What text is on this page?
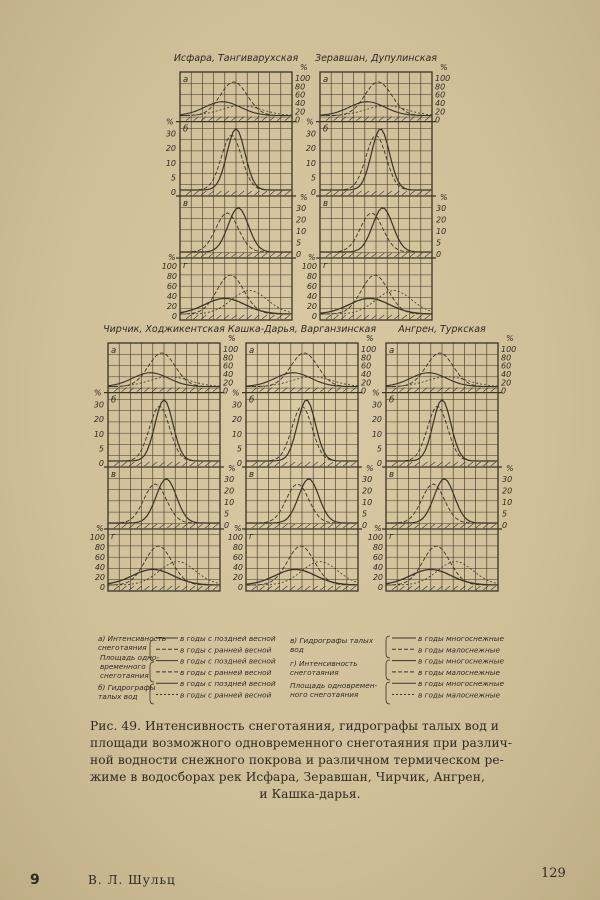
Исфара, Тангиварухская
а
б
в
г
100
80
60
40
20
0
%
100
80
60
40
20
0
%
30
20
10
5
0
%
30
20
10
5
0
%
Зеравшан, Дупулинская
а
б
в
г
100
80
60
40
20
0
%
100
80
60
40
20
0
%
30
20
10
5
0
%
30
20
10
5
0
%
Чирчик, Ходжикентская
а
б
в
г
100
80
60
40
20
0
%
100
80
60
40
20
0
%
30
20
10
5
0
%
30
20
10
5
0
%
Кашка-Дарья, Варганзинская
а
б
в
г
100
80
60
40
20
0
%
100
80
60
40
20
0
%
30
20
10
5
0
%
30
20
10
5
0
%
Ангрен, Туркская
а
б
в
г
100
80
60
40
20
0
%
100
80
60
40
20
0
%
30
20
10
5
0
%
30
20
10
5
0
%
а) Интенсивность
снеготаяния
Площадь одно-
временного
снеготаяния
б) Гидрографы
талых вод
в годы с поздней весной
в годы с ранней весной
в годы с поздней весной
в годы с ранней весной
в годы с поздней весной
в годы с ранней весной
в) Гидрографы талых
вод
г) Интенсивность
снеготаяния
Площадь одновремен-
ного снеготаяния
в годы многоснежные
в годы малоснежные
в годы многоснежные
в годы малоснежные
в годы многоснежные
в годы малоснежные
Рис. 49. Интенсивность снеготаяния, гидрографы талых вод и
площади возможного одновременного снеготаяния при различ-
ной водности снежного покрова и различном термическом ре-
жиме в водосборах рек Исфара, Зеравшан, Чирчик, Ангрен,
и Кашка-дарья.
9	В. Л. Шульц	129
